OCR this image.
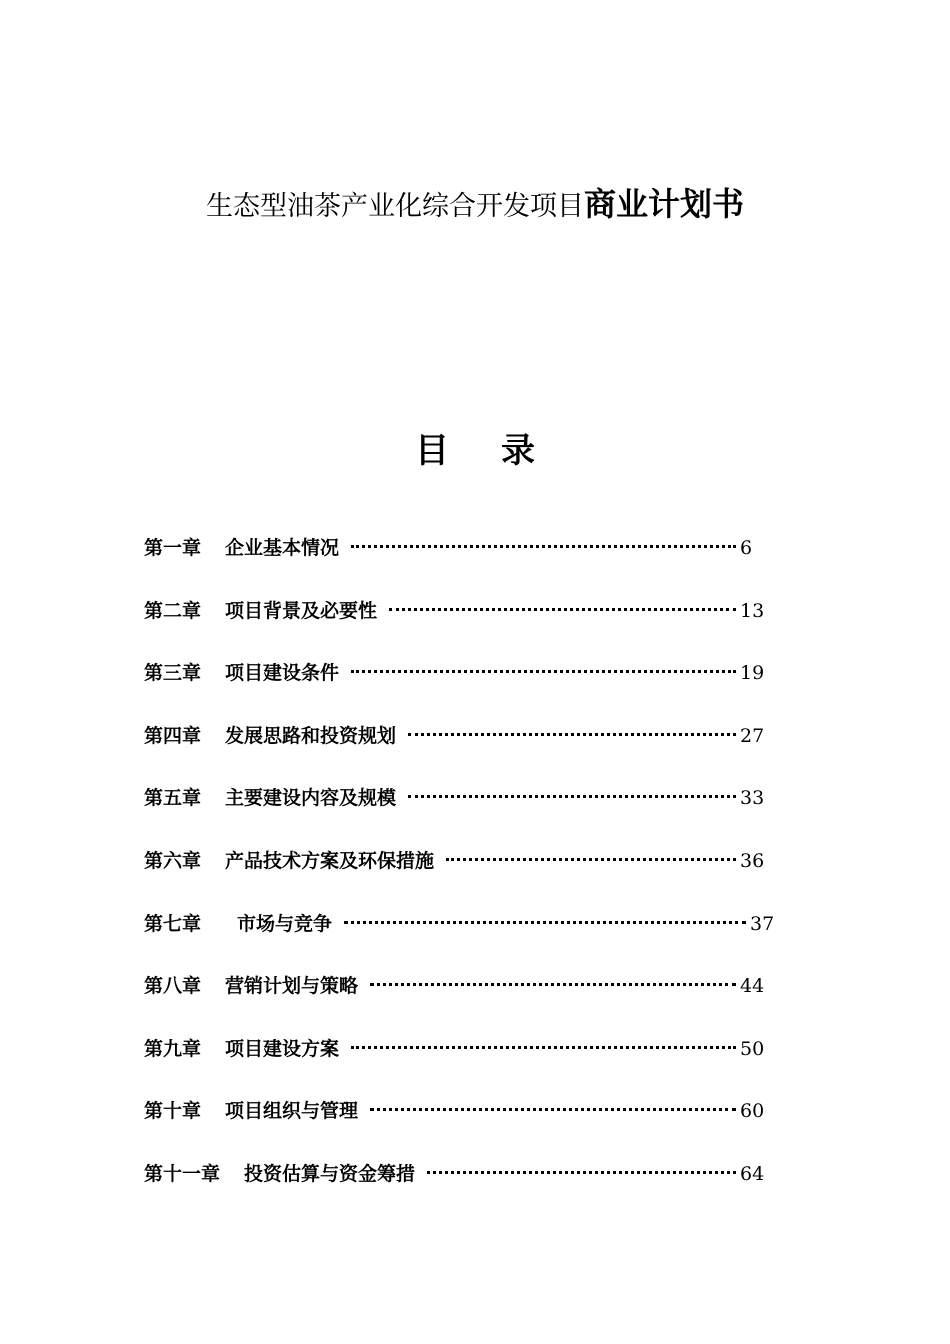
生态型油茶产业化综合开发项目商业计划书
目 录
第一章 企业基本情况	6
第二章 项目背景及必要性	13
第三章 项目建设条件	19
第四章 发展思路和投资规划	27
第五章 主要建设内容及规模	33
第六章 产品技术方案及环保措施	36
第七章 市场与竞争	37
第八章 营销计划与策略	44
第九章 项目建设方案	50
第十章 项目组织与管理	60
第十一章 投资估算与资金筹措	64
